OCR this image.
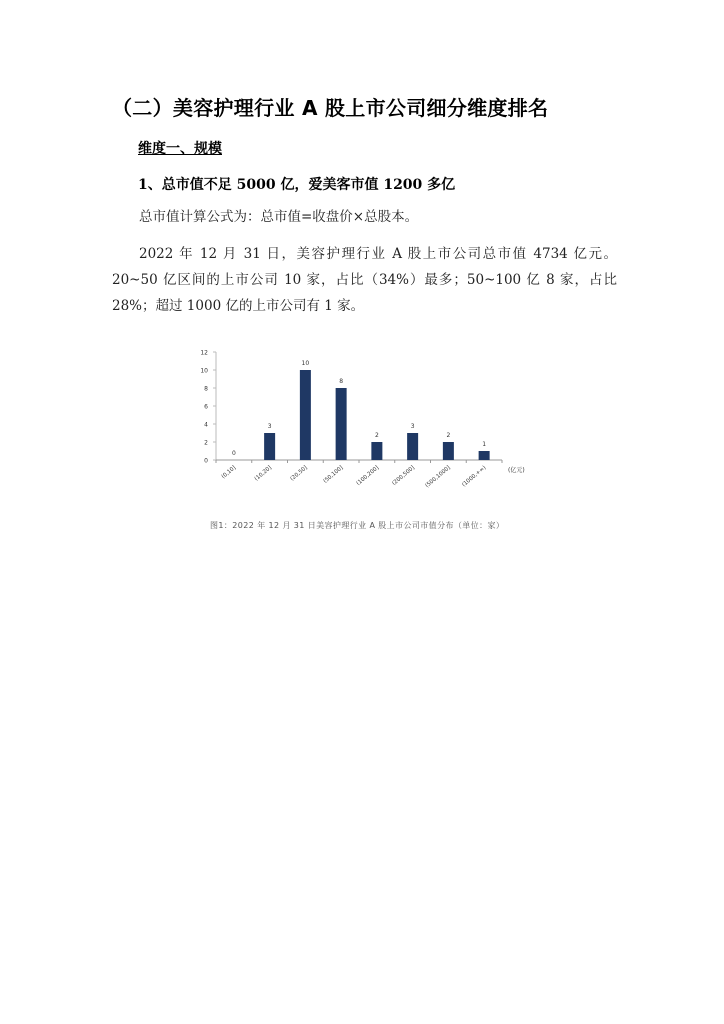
（二）美容护理行业 A 股上市公司细分维度排名
维度一、规模
1、总市值不足 5000 亿，爱美客市值 1200 多亿

总市值计算公式为：总市值=收盘价×总股本。

2022 年 12 月 31 日，美容护理行业 A 股上市公司总市值 4734 亿元。20~50 亿区间的上市公司 10 家，占比（34%）最多；50~100 亿 8 家，占比 28%；超过 1000 亿的上市公司有 1 家。

0
2
4
6
8
10
12
0
(0,10]
3
(10,20]
10
(20,50]
8
(50,100]
2
(100,200]
3
(200,500]
2
(500,1000]
1
(1000,+∞)	(亿元)
图1：2022 年 12 月 31 日美容护理行业 A 股上市公司市值分布（单位：家）
